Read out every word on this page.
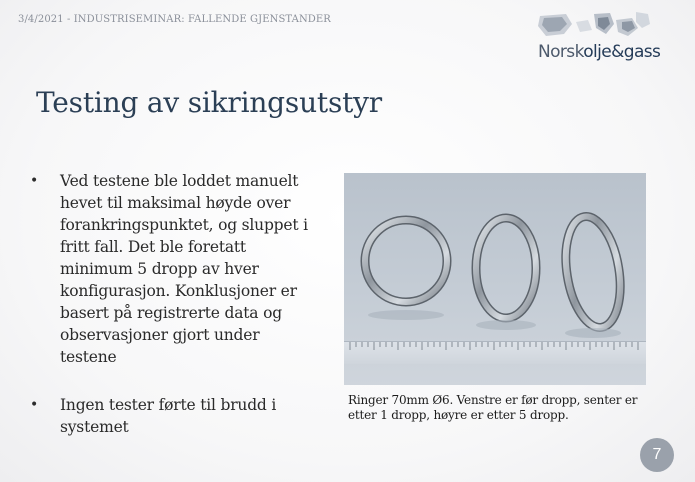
3/4/2021 - INDUSTRISEMINAR: FALLENDE GJENSTANDER
Norskolje&gass
Testing av sikringsutstyr
• Ved testene ble loddet manuelt hevet til maksimal høyde over forankringspunktet, og sluppet i fritt fall. Det ble foretatt minimum 5 dropp av hver konfigurasjon. Konklusjoner er basert på registrerte data og observasjoner gjort under testene
• Ingen tester førte til brudd i systemet
Ringer 70mm Ø6. Venstre er før dropp, senter er etter 1 dropp, høyre er etter 5 dropp.
7
